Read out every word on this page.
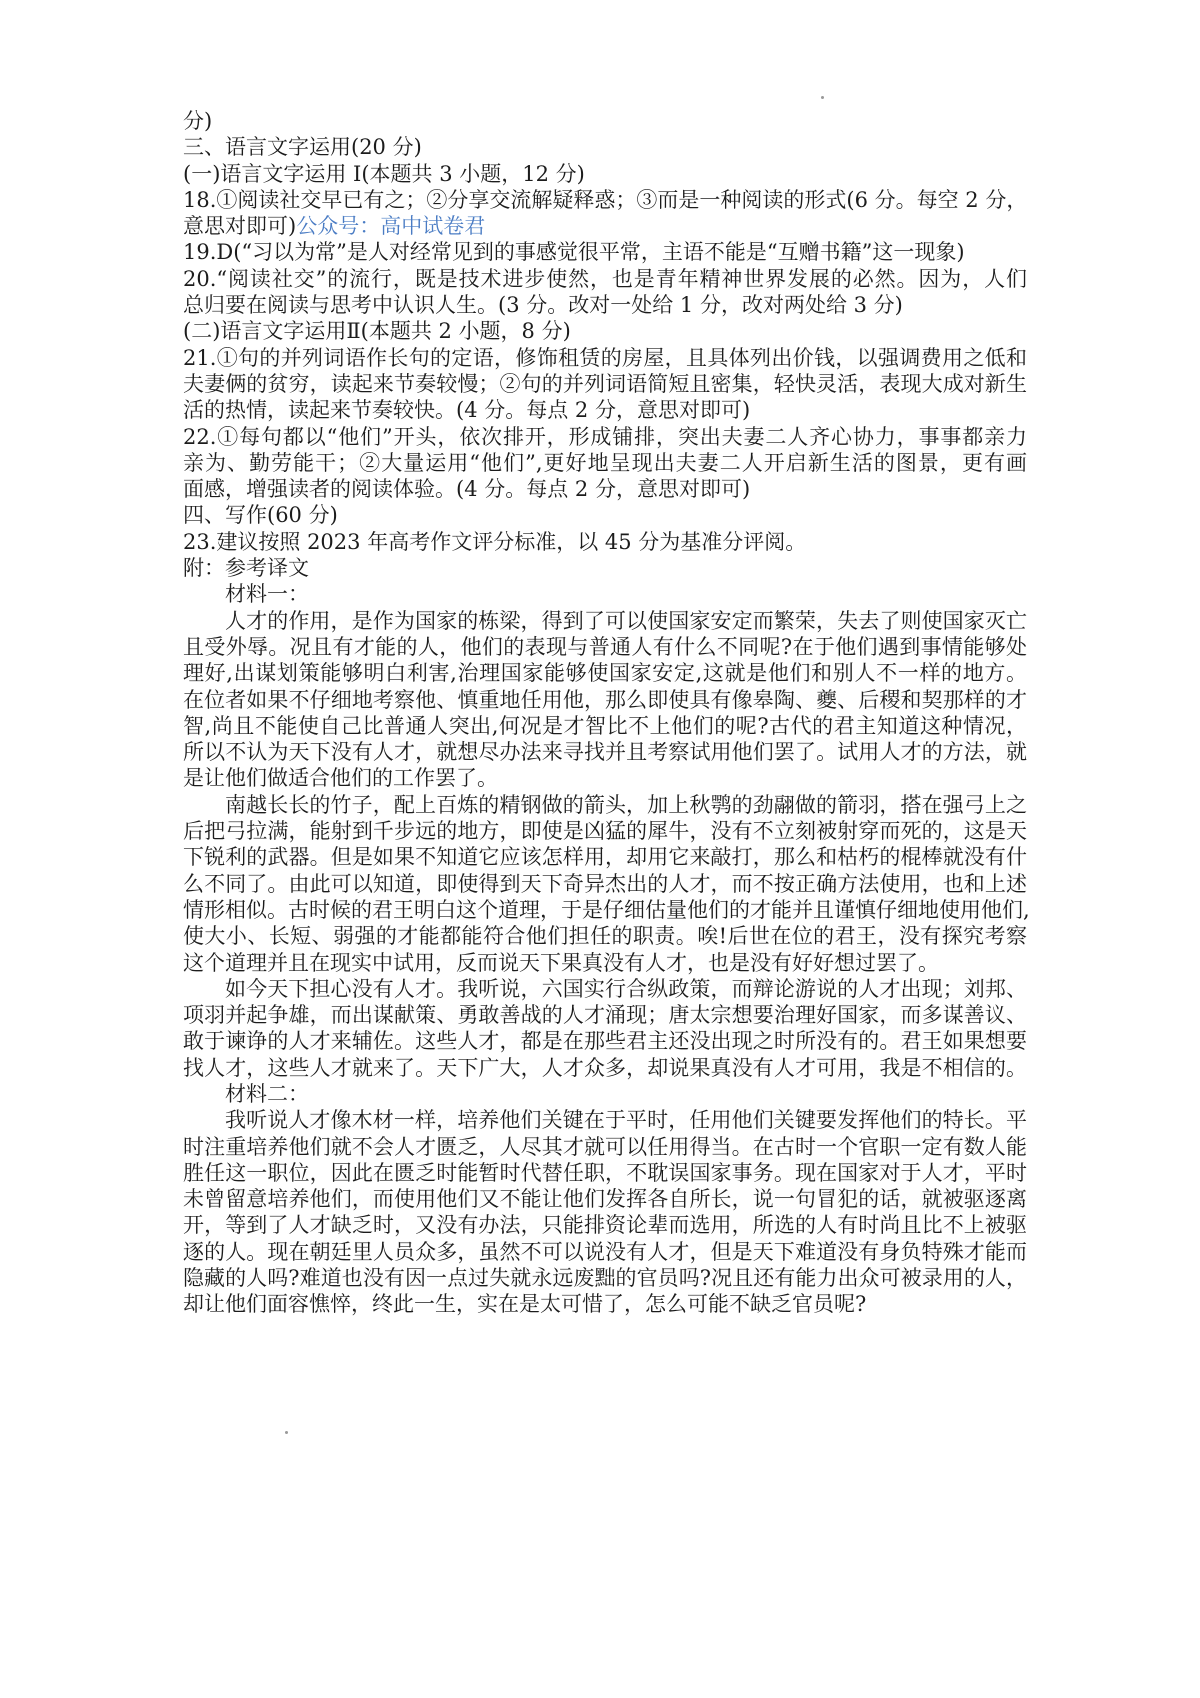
分)
三、语言文字运用(20 分)
(一)语言文字运用 I(本题共 3 小题，12 分)
18.①阅读社交早已有之；②分享交流解疑释惑；③而是一种阅读的形式(6 分。每空 2 分，
意思对即可)公众号：高中试卷君
19.D(“习以为常”是人对经常见到的事感觉很平常，主语不能是“互赠书籍”这一现象)
20.“阅读社交”的流行，既是技术进步使然，也是青年精神世界发展的必然。因为，人们
总归要在阅读与思考中认识人生。(3 分。改对一处给 1 分，改对两处给 3 分)
(二)语言文字运用Ⅱ(本题共 2 小题，8 分)
21.①句的并列词语作长句的定语，修饰租赁的房屋，且具体列出价钱，以强调费用之低和
夫妻俩的贫穷，读起来节奏较慢；②句的并列词语简短且密集，轻快灵活，表现大成对新生
活的热情，读起来节奏较快。(4 分。每点 2 分，意思对即可)
22.①每句都以“他们”开头，依次排开，形成铺排，突出夫妻二人齐心协力，事事都亲力
亲为、勤劳能干；②大量运用“他们”,更好地呈现出夫妻二人开启新生活的图景，更有画
面感，增强读者的阅读体验。(4 分。每点 2 分，意思对即可)
四、写作(60 分)
23.建议按照 2023 年高考作文评分标准，以 45 分为基准分评阅。
附：参考译文
材料一：
人才的作用，是作为国家的栋梁，得到了可以使国家安定而繁荣，失去了则使国家灭亡
且受外辱。况且有才能的人，他们的表现与普通人有什么不同呢?在于他们遇到事情能够处
理好,出谋划策能够明白利害,治理国家能够使国家安定,这就是他们和别人不一样的地方。
在位者如果不仔细地考察他、慎重地任用他，那么即使具有像皋陶、夔、后稷和契那样的才
智,尚且不能使自己比普通人突出,何况是才智比不上他们的呢?古代的君主知道这种情况，
所以不认为天下没有人才，就想尽办法来寻找并且考察试用他们罢了。试用人才的方法，就
是让他们做适合他们的工作罢了。
南越长长的竹子，配上百炼的精钢做的箭头，加上秋鹗的劲翮做的箭羽，搭在强弓上之
后把弓拉满，能射到千步远的地方，即使是凶猛的犀牛，没有不立刻被射穿而死的，这是天
下锐利的武器。但是如果不知道它应该怎样用，却用它来敲打，那么和枯朽的棍棒就没有什
么不同了。由此可以知道，即使得到天下奇异杰出的人才，而不按正确方法使用，也和上述
情形相似。古时候的君王明白这个道理，于是仔细估量他们的才能并且谨慎仔细地使用他们,
使大小、长短、弱强的才能都能符合他们担任的职责。唉!后世在位的君王，没有探究考察
这个道理并且在现实中试用，反而说天下果真没有人才，也是没有好好想过罢了。
如今天下担心没有人才。我听说，六国实行合纵政策，而辩论游说的人才出现；刘邦、
项羽并起争雄，而出谋献策、勇敢善战的人才涌现；唐太宗想要治理好国家，而多谋善议、
敢于谏诤的人才来辅佐。这些人才，都是在那些君主还没出现之时所没有的。君王如果想要
找人才，这些人才就来了。天下广大，人才众多，却说果真没有人才可用，我是不相信的。
材料二：
我听说人才像木材一样，培养他们关键在于平时，任用他们关键要发挥他们的特长。平
时注重培养他们就不会人才匮乏，人尽其才就可以任用得当。在古时一个官职一定有数人能
胜任这一职位，因此在匮乏时能暂时代替任职，不耽误国家事务。现在国家对于人才，平时
未曾留意培养他们，而使用他们又不能让他们发挥各自所长，说一句冒犯的话，就被驱逐离
开，等到了人才缺乏时，又没有办法，只能排资论辈而选用，所选的人有时尚且比不上被驱
逐的人。现在朝廷里人员众多，虽然不可以说没有人才，但是天下难道没有身负特殊才能而
隐藏的人吗?难道也没有因一点过失就永远废黜的官员吗?况且还有能力出众可被录用的人，
却让他们面容憔悴，终此一生，实在是太可惜了，怎么可能不缺乏官员呢?
